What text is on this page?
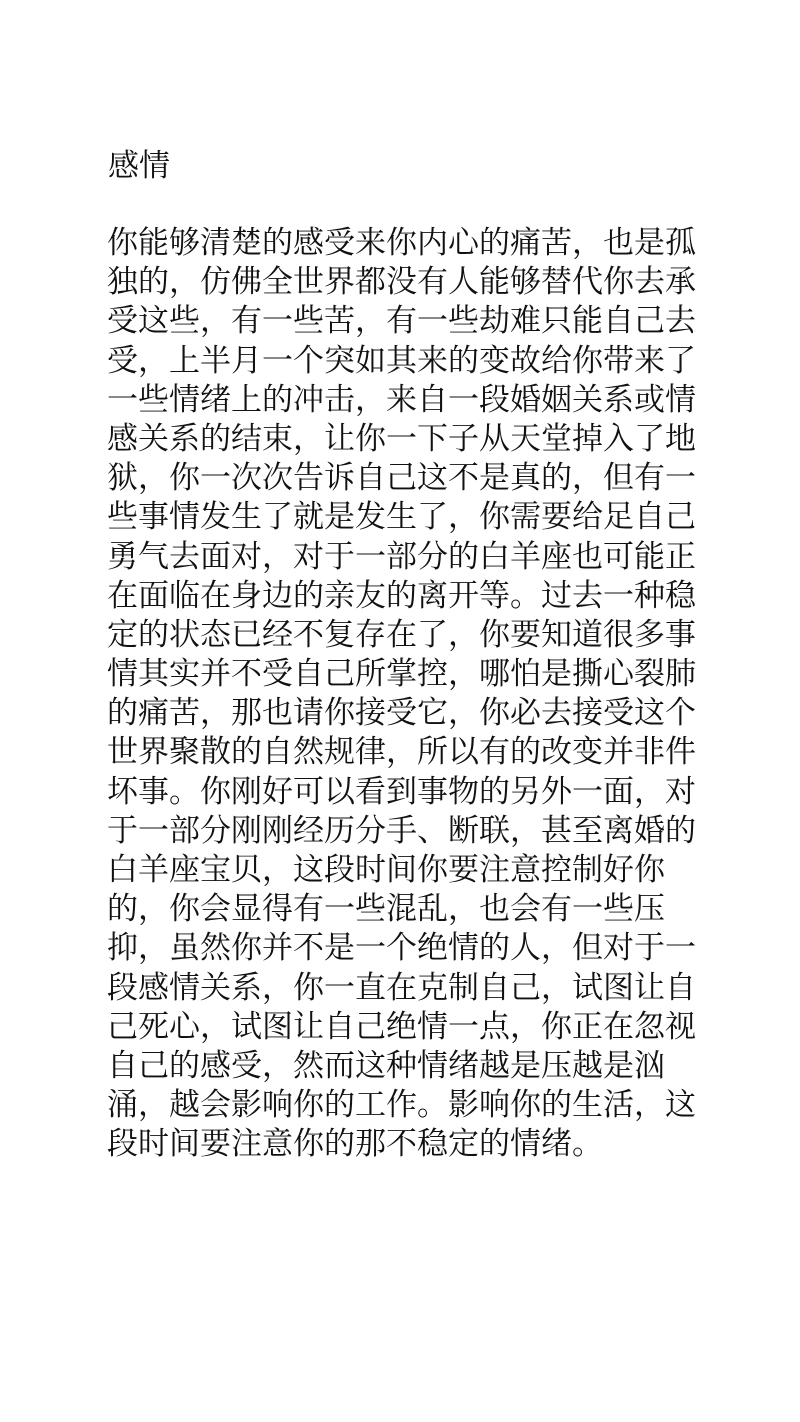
感情
你能够清楚的感受来你内心的痛苦，也是孤
独的，仿佛全世界都没有人能够替代你去承
受这些，有一些苦，有一些劫难只能自己去
受，上半月一个突如其来的变故给你带来了
一些情绪上的冲击，来自一段婚姻关系或情
感关系的结束，让你一下子从天堂掉入了地
狱，你一次次告诉自己这不是真的，但有一
些事情发生了就是发生了，你需要给足自己
勇气去面对，对于一部分的白羊座也可能正
在面临在身边的亲友的离开等。过去一种稳
定的状态已经不复存在了，你要知道很多事
情其实并不受自己所掌控，哪怕是撕心裂肺
的痛苦，那也请你接受它，你必去接受这个
世界聚散的自然规律，所以有的改变并非件
坏事。你刚好可以看到事物的另外一面，对
于一部分刚刚经历分手、断联，甚至离婚的
白羊座宝贝，这段时间你要注意控制好你
的，你会显得有一些混乱，也会有一些压
抑，虽然你并不是一个绝情的人，但对于一
段感情关系，你一直在克制自己，试图让自
己死心，试图让自己绝情一点，你正在忽视
自己的感受，然而这种情绪越是压越是汹
涌，越会影响你的工作。影响你的生活，这
段时间要注意你的那不稳定的情绪。
